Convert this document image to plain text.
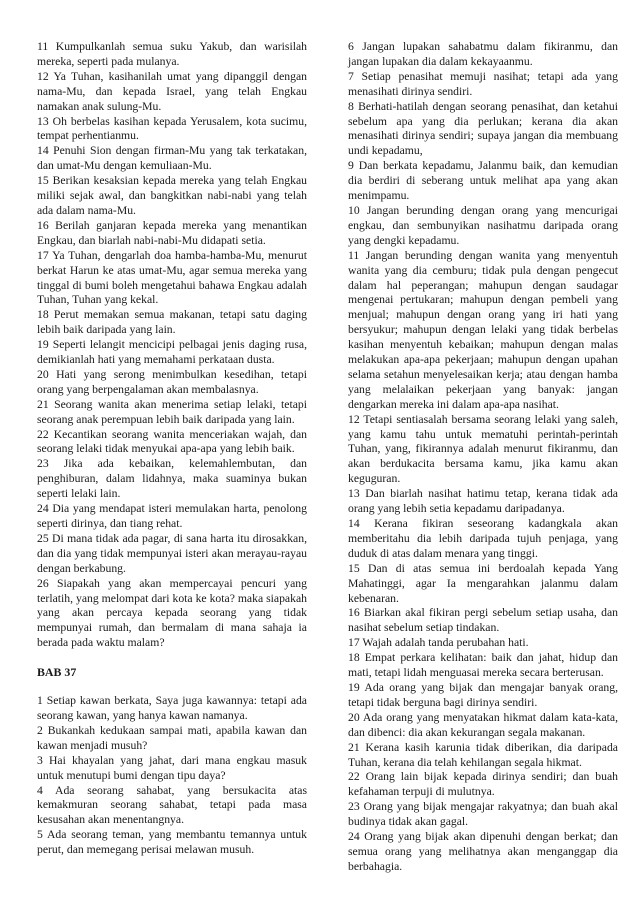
11 Kumpulkanlah semua suku Yakub, dan warisilah mereka, seperti pada mulanya.

12 Ya Tuhan, kasihanilah umat yang dipanggil dengan nama-Mu, dan kepada Israel, yang telah Engkau namakan anak sulung-Mu.

13 Oh berbelas kasihan kepada Yerusalem, kota sucimu, tempat perhentianmu.

14 Penuhi Sion dengan firman-Mu yang tak terkatakan, dan umat-Mu dengan kemuliaan-Mu.

15 Berikan kesaksian kepada mereka yang telah Engkau miliki sejak awal, dan bangkitkan nabi-nabi yang telah ada dalam nama-Mu.

16 Berilah ganjaran kepada mereka yang menantikan Engkau, dan biarlah nabi-nabi-Mu didapati setia.

17 Ya Tuhan, dengarlah doa hamba-hamba-Mu, menurut berkat Harun ke atas umat-Mu, agar semua mereka yang tinggal di bumi boleh mengetahui bahawa Engkau adalah Tuhan, Tuhan yang kekal.

18 Perut memakan semua makanan, tetapi satu daging lebih baik daripada yang lain.

19 Seperti lelangit mencicipi pelbagai jenis daging rusa, demikianlah hati yang memahami perkataan dusta.

20 Hati yang serong menimbulkan kesedihan, tetapi orang yang berpengalaman akan membalasnya.

21 Seorang wanita akan menerima setiap lelaki, tetapi seorang anak perempuan lebih baik daripada yang lain.

22 Kecantikan seorang wanita menceriakan wajah, dan seorang lelaki tidak menyukai apa-apa yang lebih baik.

23 Jika ada kebaikan, kelemahlembutan, dan penghiburan, dalam lidahnya, maka suaminya bukan seperti lelaki lain.

24 Dia yang mendapat isteri memulakan harta, penolong seperti dirinya, dan tiang rehat.

25 Di mana tidak ada pagar, di sana harta itu dirosakkan, dan dia yang tidak mempunyai isteri akan merayau-rayau dengan berkabung.

26 Siapakah yang akan mempercayai pencuri yang terlatih, yang melompat dari kota ke kota? maka siapakah yang akan percaya kepada seorang yang tidak mempunyai rumah, dan bermalam di mana sahaja ia berada pada waktu malam?

BAB 37

1 Setiap kawan berkata, Saya juga kawannya: tetapi ada seorang kawan, yang hanya kawan namanya.

2 Bukankah kedukaan sampai mati, apabila kawan dan kawan menjadi musuh?

3 Hai khayalan yang jahat, dari mana engkau masuk untuk menutupi bumi dengan tipu daya?

4 Ada seorang sahabat, yang bersukacita atas kemakmuran seorang sahabat, tetapi pada masa kesusahan akan menentangnya.

5 Ada seorang teman, yang membantu temannya untuk perut, dan memegang perisai melawan musuh.

6 Jangan lupakan sahabatmu dalam fikiranmu, dan jangan lupakan dia dalam kekayaanmu.

7 Setiap penasihat memuji nasihat; tetapi ada yang menasihati dirinya sendiri.

8 Berhati-hatilah dengan seorang penasihat, dan ketahui sebelum apa yang dia perlukan; kerana dia akan menasihati dirinya sendiri; supaya jangan dia membuang undi kepadamu,

9 Dan berkata kepadamu, Jalanmu baik, dan kemudian dia berdiri di seberang untuk melihat apa yang akan menimpamu.

10 Jangan berunding dengan orang yang mencurigai engkau, dan sembunyikan nasihatmu daripada orang yang dengki kepadamu.

11 Jangan berunding dengan wanita yang menyentuh wanita yang dia cemburu; tidak pula dengan pengecut dalam hal peperangan; mahupun dengan saudagar mengenai pertukaran; mahupun dengan pembeli yang menjual; mahupun dengan orang yang iri hati yang bersyukur; mahupun dengan lelaki yang tidak berbelas kasihan menyentuh kebaikan; mahupun dengan malas melakukan apa-apa pekerjaan; mahupun dengan upahan selama setahun menyelesaikan kerja; atau dengan hamba yang melalaikan pekerjaan yang banyak: jangan dengarkan mereka ini dalam apa-apa nasihat.

12 Tetapi sentiasalah bersama seorang lelaki yang saleh, yang kamu tahu untuk mematuhi perintah-perintah Tuhan, yang, fikirannya adalah menurut fikiranmu, dan akan berdukacita bersama kamu, jika kamu akan keguguran.

13 Dan biarlah nasihat hatimu tetap, kerana tidak ada orang yang lebih setia kepadamu daripadanya.

14 Kerana fikiran seseorang kadangkala akan memberitahu dia lebih daripada tujuh penjaga, yang duduk di atas dalam menara yang tinggi.

15 Dan di atas semua ini berdoalah kepada Yang Mahatinggi, agar Ia mengarahkan jalanmu dalam kebenaran.

16 Biarkan akal fikiran pergi sebelum setiap usaha, dan nasihat sebelum setiap tindakan.

17 Wajah adalah tanda perubahan hati.

18 Empat perkara kelihatan: baik dan jahat, hidup dan mati, tetapi lidah menguasai mereka secara berterusan.

19 Ada orang yang bijak dan mengajar banyak orang, tetapi tidak berguna bagi dirinya sendiri.

20 Ada orang yang menyatakan hikmat dalam kata-kata, dan dibenci: dia akan kekurangan segala makanan.

21 Kerana kasih karunia tidak diberikan, dia daripada Tuhan, kerana dia telah kehilangan segala hikmat.

22 Orang lain bijak kepada dirinya sendiri; dan buah kefahaman terpuji di mulutnya.

23 Orang yang bijak mengajar rakyatnya; dan buah akal budinya tidak akan gagal.

24 Orang yang bijak akan dipenuhi dengan berkat; dan semua orang yang melihatnya akan menganggap dia berbahagia.
